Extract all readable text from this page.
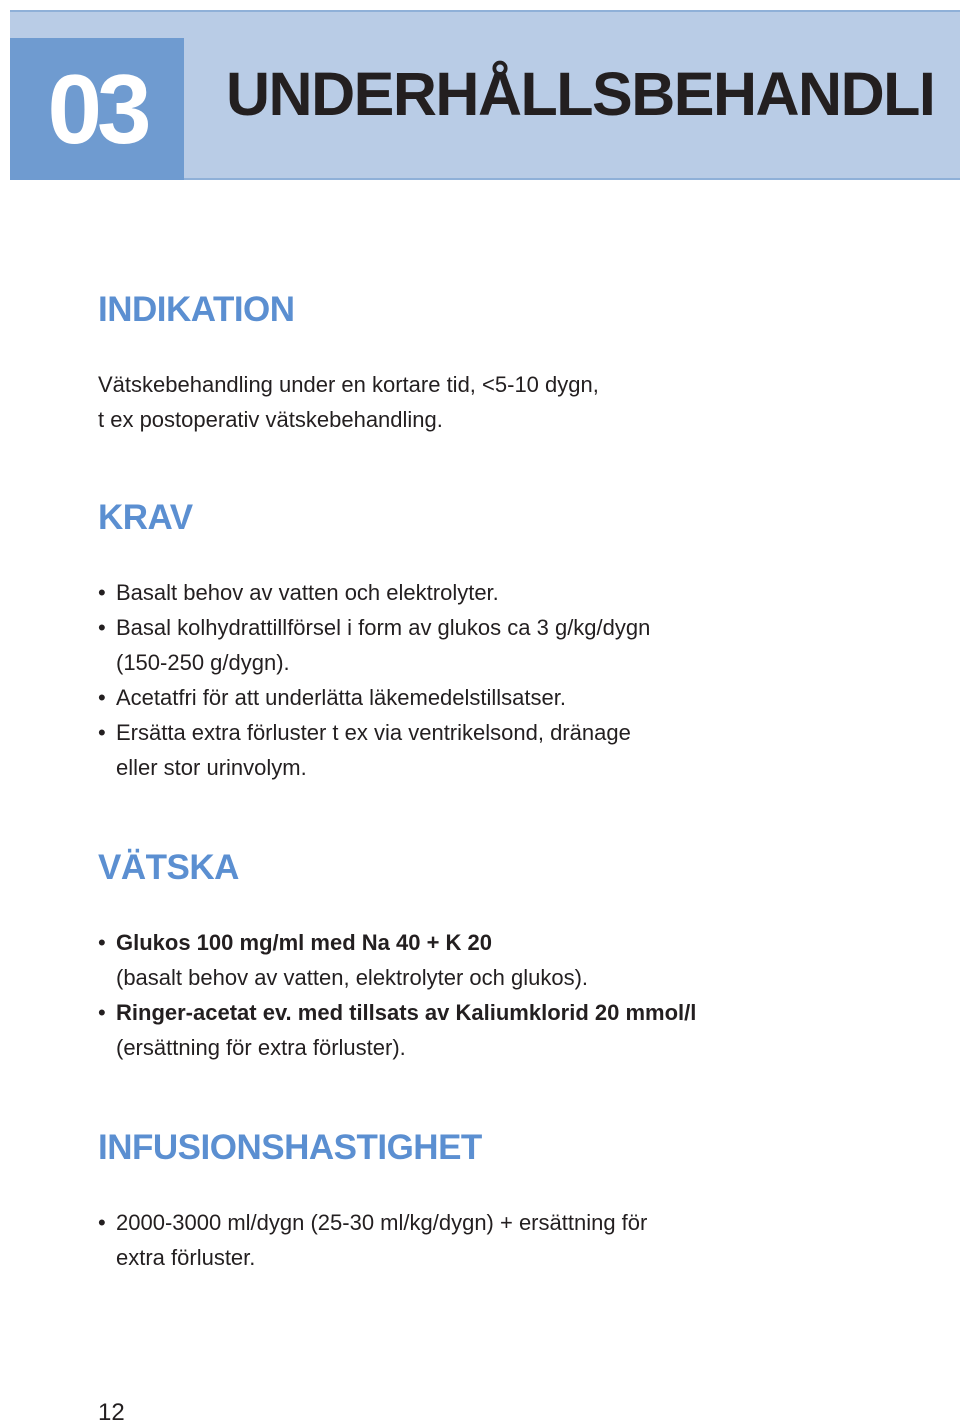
03	UNDERHÅLLSBEHANDLI
INDIKATION

Vätskebehandling under en kortare tid, <5-10 dygn,
t ex postoperativ vätskebehandling.

KRAV
• Basalt behov av vatten och elektrolyter.
• Basal kolhydrattillförsel i form av glukos ca 3 g/kg/dygn
(150-250 g/dygn).
• Acetatfri för att underlätta läkemedelstillsatser.
• Ersätta extra förluster t ex via ventrikelsond, dränage
eller stor urinvolym.
VÄTSKA
• Glukos 100 mg/ml med Na 40 + K 20
(basalt behov av vatten, elektrolyter och glukos).
• Ringer-acetat ev. med tillsats av Kaliumklorid 20 mmol/l
(ersättning för extra förluster).
INFUSIONSHASTIGHET
• 2000-3000 ml/dygn (25-30 ml/kg/dygn) + ersättning för
extra förluster.
12
